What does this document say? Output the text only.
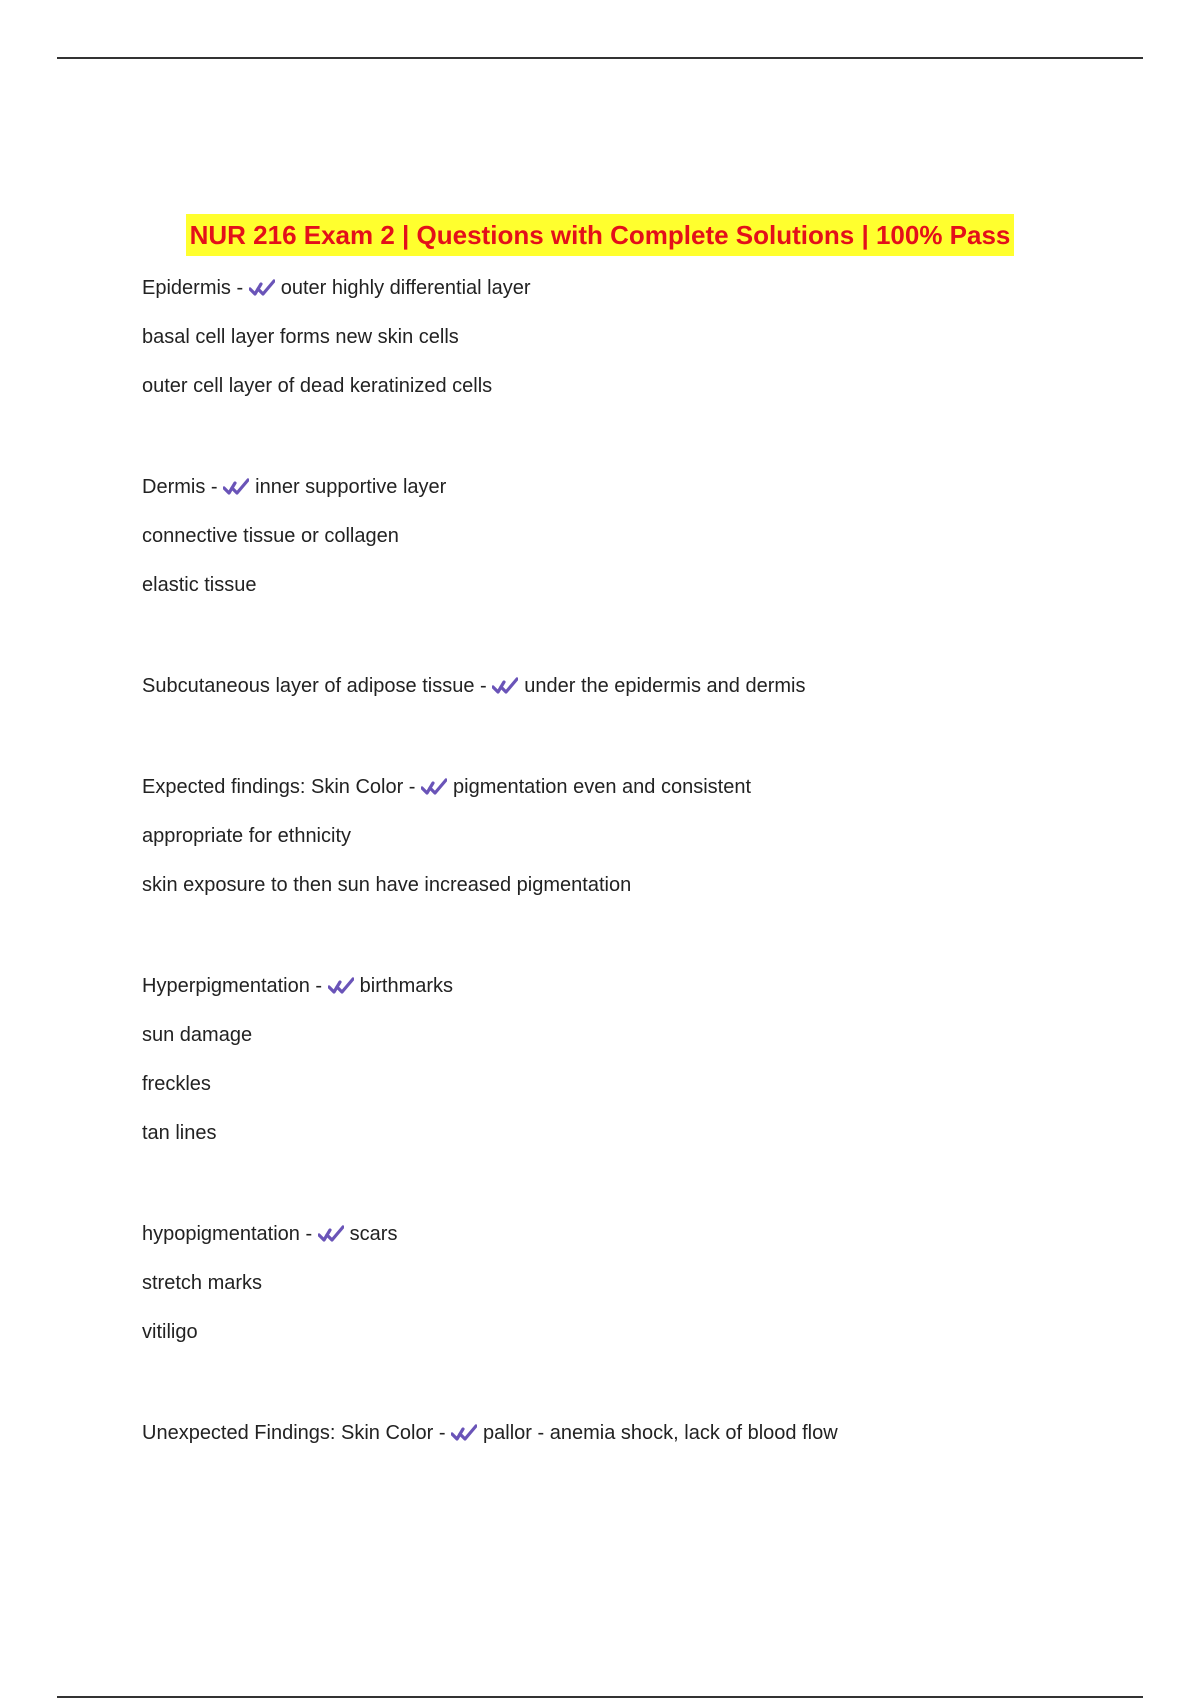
NUR 216 Exam 2 | Questions with Complete Solutions | 100% Pass
Epidermis -
outer highly differential layer
basal cell layer forms new skin cells
outer cell layer of dead keratinized cells
Dermis -
inner supportive layer
connective tissue or collagen
elastic tissue
Subcutaneous layer of adipose tissue -
under the epidermis and dermis
Expected findings: Skin Color -
pigmentation even and consistent
appropriate for ethnicity
skin exposure to then sun have increased pigmentation
Hyperpigmentation -
birthmarks
sun damage
freckles
tan lines
hypopigmentation -
scars
stretch marks
vitiligo
Unexpected Findings: Skin Color -
pallor - anemia shock, lack of blood flow
